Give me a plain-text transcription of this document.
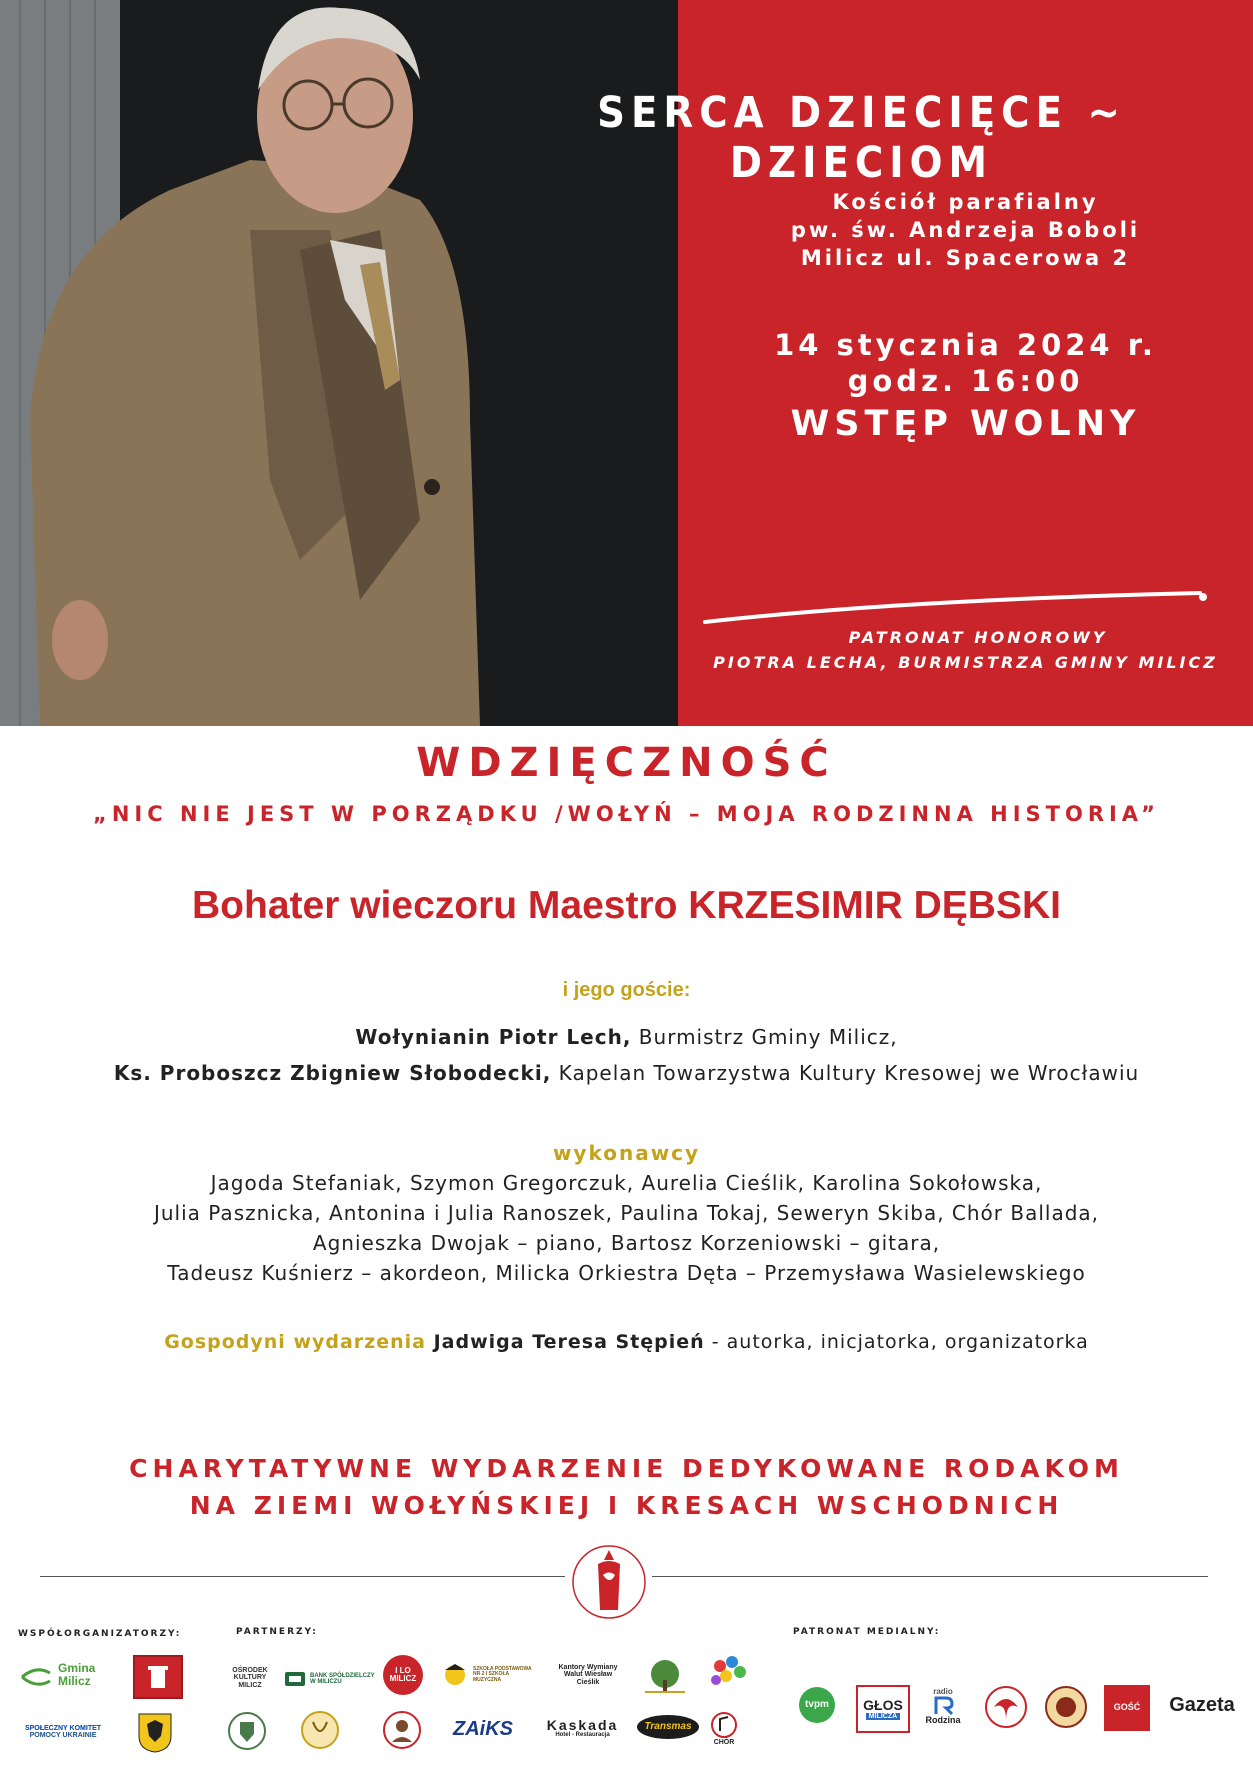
SERCA DZIECIĘCE ~ DZIECIOM
Kościół parafialny
pw. św. Andrzeja Boboli
Milicz ul. Spacerowa 2
14 stycznia 2024 r.
godz. 16:00
WSTĘP WOLNY
PATRONAT HONOROWY
PIOTRA LECHA, BURMISTRZA GMINY MILICZ
WDZIĘCZNOŚĆ
„NIC NIE JEST W PORZĄDKU /WOŁYŃ – MOJA RODZINNA HISTORIA”
Bohater wieczoru Maestro KRZESIMIR DĘBSKI
i jego goście:
Wołynianin Piotr Lech, Burmistrz Gminy Milicz,
Ks. Proboszcz Zbigniew Słobodecki, Kapelan Towarzystwa Kultury Kresowej we Wrocławiu
wykonawcy
Jagoda Stefaniak, Szymon Gregorczuk, Aurelia Cieślik, Karolina Sokołowska,
Julia Pasznicka, Antonina i Julia Ranoszek, Paulina Tokaj, Seweryn Skiba, Chór Ballada,
Agnieszka Dwojak – piano, Bartosz Korzeniowski – gitara,
Tadeusz Kuśnierz – akordeon, Milicka Orkiestra Dęta – Przemysława Wasielewskiego
Gospodyni wydarzenia Jadwiga Teresa Stępień - autorka, inicjatorka, organizatorka
CHARYTATYWNE WYDARZENIE DEDYKOWANE RODAKOM
NA ZIEMI WOŁYŃSKIEJ I KRESACH WSCHODNICH
WSPÓŁORGANIZATORZY:	PARTNERZY:	PATRONAT MEDIALNY:
Gmina Milicz
SPOŁECZNY KOMITET POMOCY UKRAINIE
OŚRODEK KULTURY MILICZ
BANK SPÓŁDZIELCZY W MILICZU
I LO MILICZ
SZKOŁA PODSTAWOWA NR 2 I SZKOŁA MUZYCZNA
Kantory Wymiany Walut Wiesław Cieślik
ZAiKS	Kaskada
Hotel - Restauracja
Transmas
CHÓR
tvpm GŁOS
MILICZA
radio
Rodzina
GOŚĆ	Gazeta
